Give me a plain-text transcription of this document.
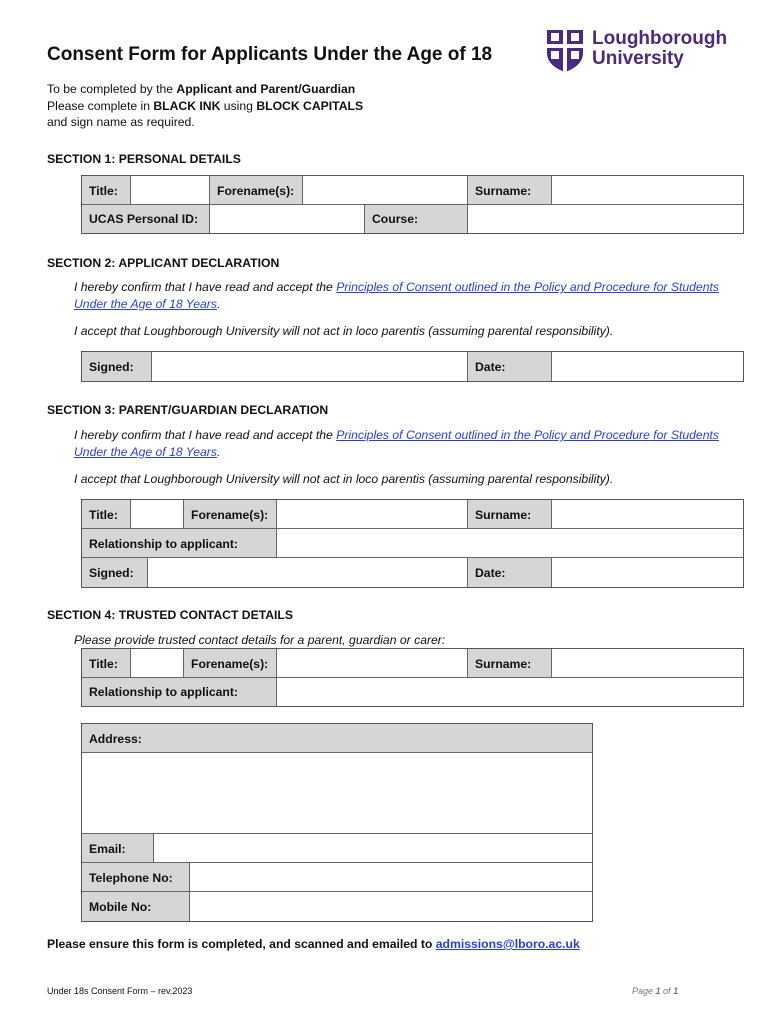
Consent Form for Applicants Under the Age of 18
Loughborough
University
To be completed by the Applicant and Parent/Guardian
Please complete in BLACK INK using BLOCK CAPITALS
and sign name as required.
SECTION 1: PERSONAL DETAILS
Title:	Forename(s):	Surname:
UCAS Personal ID:	Course:
SECTION 2: APPLICANT DECLARATION
I hereby confirm that I have read and accept the Principles of Consent outlined in the Policy and Procedure for Students Under the Age of 18 Years.
I accept that Loughborough University will not act in loco parentis (assuming parental responsibility).
Signed:	Date:
SECTION 3: PARENT/GUARDIAN DECLARATION
I hereby confirm that I have read and accept the Principles of Consent outlined in the Policy and Procedure for Students Under the Age of 18 Years.
I accept that Loughborough University will not act in loco parentis (assuming parental responsibility).
Title:	Forename(s):	Surname:
Relationship to applicant:
Signed:	Date:
SECTION 4: TRUSTED CONTACT DETAILS
Please provide trusted contact details for a parent, guardian or carer:
Title:	Forename(s):	Surname:
Relationship to applicant:
Address:
Email:
Telephone No:
Mobile No:
Please ensure this form is completed, and scanned and emailed to admissions@lboro.ac.uk
Under 18s Consent Form – rev.2023	Page 1 of 1
